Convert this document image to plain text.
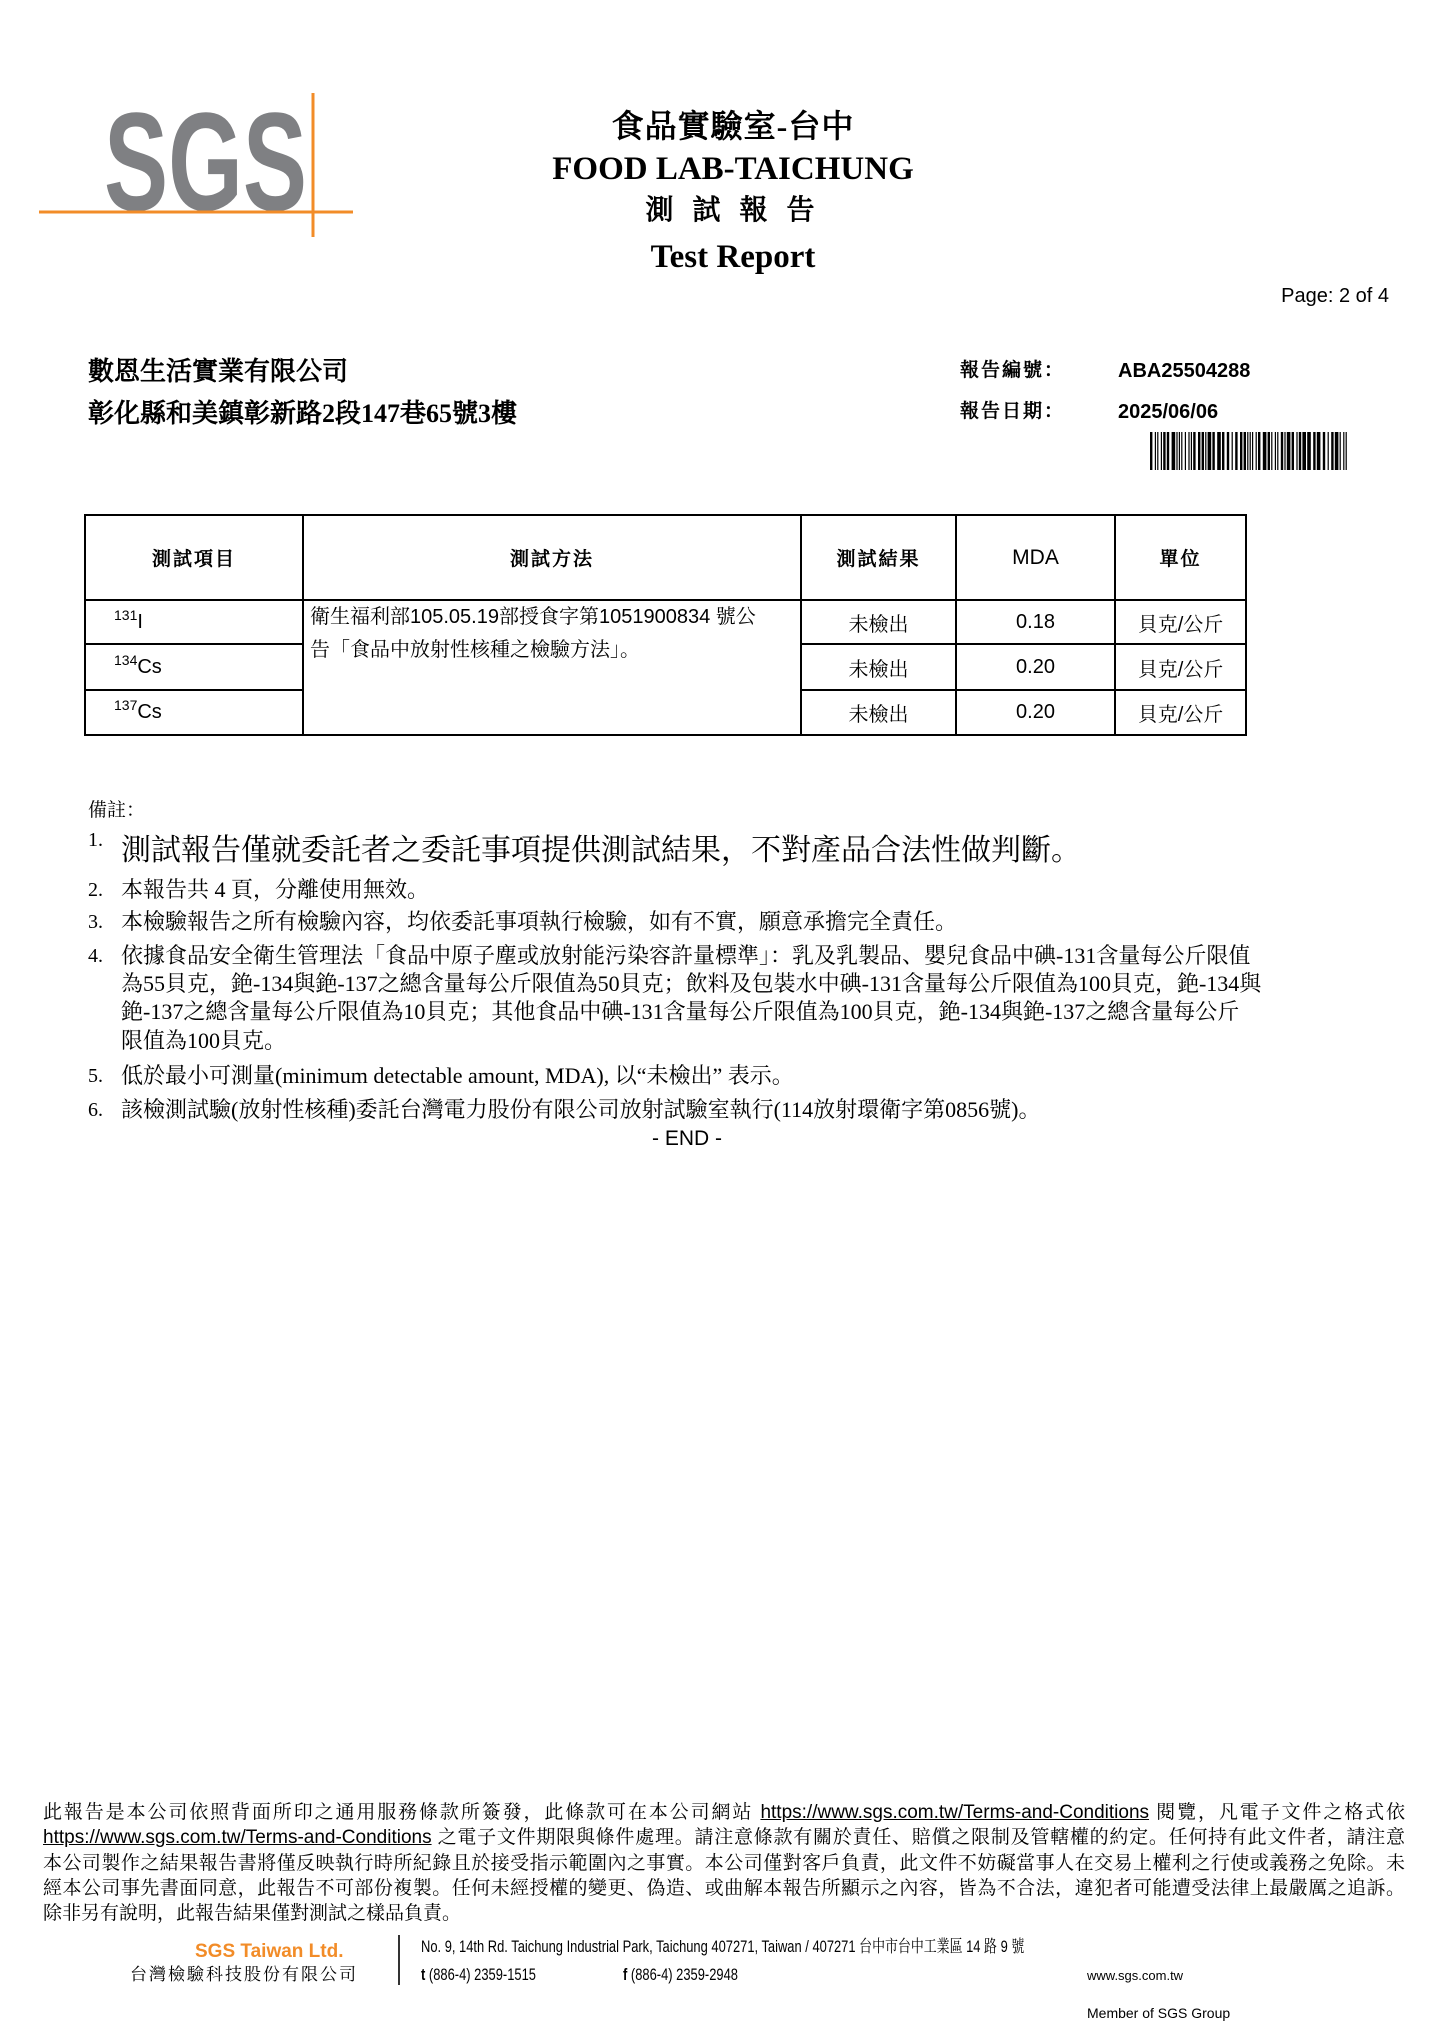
SGS	食品實驗室-台中
FOOD LAB-TAICHUNG
測 試 報 告
Test Report
Page: 2 of 4
數恩生活實業有限公司
彰化縣和美鎮彰新路2段147巷65號3樓
報告編號：	ABA25504288
報告日期：	2025/06/06
測試項目	測試方法	測試結果	MDA	單位
$^{131}$I	衛生福利部105.05.19部授食字第1051900834 號公
告「食品中放射性核種之檢驗方法」。	未檢出	0.18	貝克/公斤
$^{134}$Cs		未檢出	0.20	貝克/公斤
$^{137}$Cs		未檢出	0.20	貝克/公斤
備註：
1. 測試報告僅就委託者之委託事項提供測試結果，不對產品合法性做判斷。
2. 本報告共 4 頁，分離使用無效。
3. 本檢驗報告之所有檢驗內容，均依委託事項執行檢驗，如有不實，願意承擔完全責任。
4. 依據食品安全衛生管理法「食品中原子塵或放射能污染容許量標準」：乳及乳製品、嬰兒食品中碘-131含量每公斤限值
為55貝克，銫-134與銫-137之總含量每公斤限值為50貝克；飲料及包裝水中碘-131含量每公斤限值為100貝克，銫-134與
銫-137之總含量每公斤限值為10貝克；其他食品中碘-131含量每公斤限值為100貝克，銫-134與銫-137之總含量每公斤
限值為100貝克。
5. 低於最小可測量(minimum detectable amount, MDA), 以“未檢出” 表示。
6. 該檢測試驗(放射性核種)委託台灣電力股份有限公司放射試驗室執行(114放射環衛字第0856號)。
- END -
此報告是本公司依照背面所印之通用服務條款所簽發，此條款可在本公司網站 https://www.sgs.com.tw/Terms-and-Conditions 閱覽，凡電子文件之格式依
https://www.sgs.com.tw/Terms-and-Conditions 之電子文件期限與條件處理。請注意條款有關於責任、賠償之限制及管轄權的約定。任何持有此文件者，請注意
本公司製作之結果報告書將僅反映執行時所紀錄且於接受指示範圍內之事實。本公司僅對客戶負責，此文件不妨礙當事人在交易上權利之行使或義務之免除。未
經本公司事先書面同意，此報告不可部份複製。任何未經授權的變更、偽造、或曲解本報告所顯示之內容，皆為不合法，違犯者可能遭受法律上最嚴厲之追訴。
除非另有說明，此報告結果僅對測試之樣品負責。
SGS Taiwan Ltd.
台灣檢驗科技股份有限公司
No. 9, 14th Rd. Taichung Industrial Park, Taichung 407271, Taiwan / 407271 台中市台中工業區 14 路 9 號
t (886-4) 2359-1515	f (886-4) 2359-2948	www.sgs.com.tw
Member of SGS Group
